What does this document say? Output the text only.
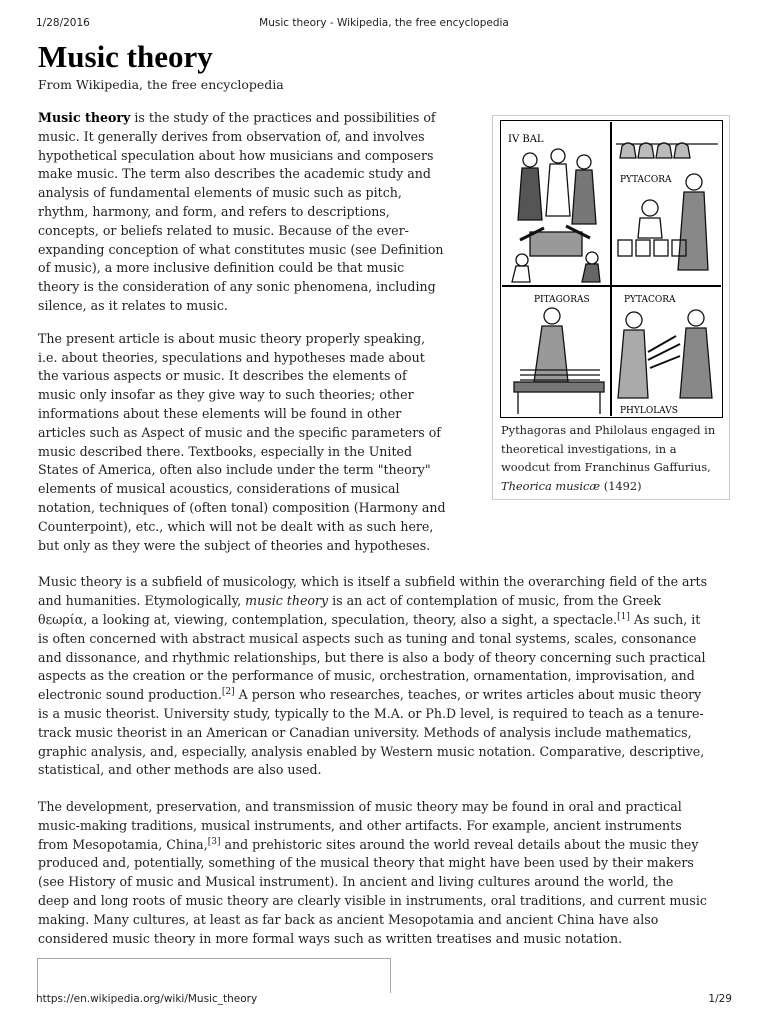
1/28/2016	Music theory - Wikipedia, the free encyclopedia
Music theory
From Wikipedia, the free encyclopedia

Music theory is the study of the practices and possibilities of music. It generally derives from observation of, and involves hypothetical speculation about how musicians and composers make music. The term also describes the academic study and analysis of fundamental elements of music such as pitch, rhythm, harmony, and form, and refers to descriptions, concepts, or beliefs related to music. Because of the ever-expanding conception of what constitutes music (see Definition of music), a more inclusive definition could be that music theory is the consideration of any sonic phenomena, including silence, as it relates to music.

The present article is about music theory properly speaking, i.e. about theories, speculations and hypotheses made about the various aspects or music. It describes the elements of music only insofar as they give way to such theories; other informations about these elements will be found in other articles such as Aspect of music and the specific parameters of music described there. Textbooks, especially in the United States of America, often also include under the term "theory" elements of musical acoustics, considerations of musical notation, techniques of (often tonal) composition (Harmony and Counterpoint), etc., which will not be dealt with as such here, but only as they were the subject of theories and hypotheses.

Music theory is a subfield of musicology, which is itself a subfield within the overarching field of the arts and humanities. Etymologically, music theory is an act of contemplation of music, from the Greek θεωρία, a looking at, viewing, contemplation, speculation, theory, also a sight, a spectacle.[1] As such, it is often concerned with abstract musical aspects such as tuning and tonal systems, scales, consonance and dissonance, and rhythmic relationships, but there is also a body of theory concerning such practical aspects as the creation or the performance of music, orchestration, ornamentation, improvisation, and electronic sound production.[2] A person who researches, teaches, or writes articles about music theory is a music theorist. University study, typically to the M.A. or Ph.D level, is required to teach as a tenure-track music theorist in an American or Canadian university. Methods of analysis include mathematics, graphic analysis, and, especially, analysis enabled by Western music notation. Comparative, descriptive, statistical, and other methods are also used.

The development, preservation, and transmission of music theory may be found in oral and practical music-making traditions, musical instruments, and other artifacts. For example, ancient instruments from Mesopotamia, China,[3] and prehistoric sites around the world reveal details about the music they produced and, potentially, something of the musical theory that might have been used by their makers (see History of music and Musical instrument). In ancient and living cultures around the world, the deep and long roots of music theory are clearly visible in instruments, oral traditions, and current music making. Many cultures, at least as far back as ancient Mesopotamia and ancient China have also considered music theory in more formal ways such as written treatises and music notation.

IV BAL
PYTACORA
PITAGORAS	PYTACORA
PHYLOLAVS
Pythagoras and Philolaus engaged in theoretical investigations, in a woodcut from Franchinus Gaffurius, Theorica musicæ (1492)
https://en.wikipedia.org/wiki/Music_theory	1/29
